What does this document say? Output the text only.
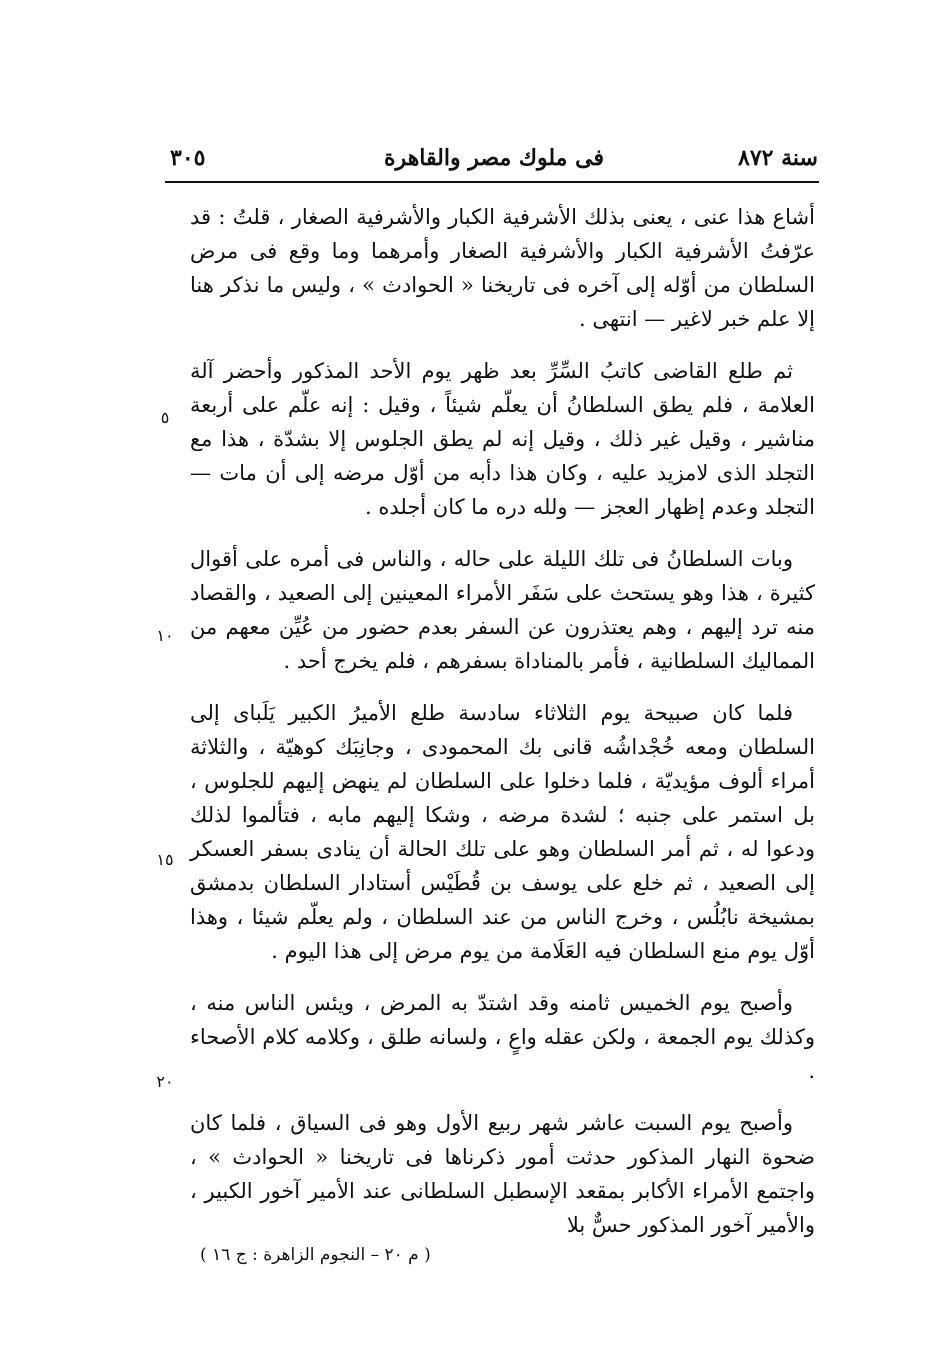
سنة ٨٧٢
فى ملوك مصر والقاهرة
٣٠٥

أشاع هذا عنى ، يعنى بذلك الأشرفية الكبار والأشرفية الصغار ، قلتُ : قد عرّفتُ الأشرفية الكبار والأشرفية الصغار وأمرهما وما وقع فى مرض السلطان من أوّله إلى آخره فى تاريخنا « الحوادث » ، وليس ما نذكر هنا إلا علم خبر لاغير — انتهى .

ثم طلع القاضى كاتبُ السِّرِّ بعد ظهر يوم الأحد المذكور وأحضر آلة العلامة ، فلم يطق السلطانُ أن يعلّم شيئاً ، وقيل : إنه علّم على أربعة مناشير ، وقيل غير ذلك ، وقيل إنه لم يطق الجلوس إلا بشدّة ، هذا مع التجلد الذى لامزيد عليه ، وكان هذا دأبه من أوّل مرضه إلى أن مات — التجلد وعدم إظهار العجز — ولله دره ما كان أجلده .

وبات السلطانُ فى تلك الليلة على حاله ، والناس فى أمره على أقوال كثيرة ، هذا وهو يستحث على سَفَر الأمراء المعينين إلى الصعيد ، والقصاد منه ترد إليهم ، وهم يعتذرون عن السفر بعدم حضور من عُيِّن معهم من المماليك السلطانية ، فأمر بالمناداة بسفرهم ، فلم يخرج أحد .

فلما كان صبيحة يوم الثلاثاء سادسة طلع الأميرُ الكبير يَلَباى إلى السلطان ومعه خُجْداشُه قانى بك المحمودى ، وجانِبَك كوهيّة ، والثلاثة أمراء ألوف مؤيديّة ، فلما دخلوا على السلطان لم ينهض إليهم للجلوس ، بل استمر على جنبه ؛ لشدة مرضه ، وشكا إليهم مابه ، فتألموا لذلك ودعوا له ، ثم أمر السلطان وهو على تلك الحالة أن ينادى بسفر العسكر إلى الصعيد ، ثم خلع على يوسف بن قُطَيْس أستادار السلطان بدمشق بمشيخة نابُلُس ، وخرج الناس من عند السلطان ، ولم يعلّم شيئا ، وهذا أوّل يوم منع السلطان فيه العَلَامة من يوم مرض إلى هذا اليوم .

وأصبح يوم الخميس ثامنه وقد اشتدّ به المرض ، ويئس الناس منه ، وكذلك يوم الجمعة ، ولكن عقله واعٍ ، ولسانه طلق ، وكلامه كلام الأصحاء .

وأصبح يوم السبت عاشر شهر ربيع الأول وهو فى السياق ، فلما كان ضحوة النهار المذكور حدثت أمور ذكرناها فى تاريخنا « الحوادث » ، واجتمع الأمراء الأكابر بمقعد الإسطبل السلطانى عند الأمير آخور الكبير ، والأمير آخور المذكور حسٌّ بلا

٥
١٠
١٥
٢٠
( م ٢٠ – النجوم الزاهرة : ج ١٦ )
